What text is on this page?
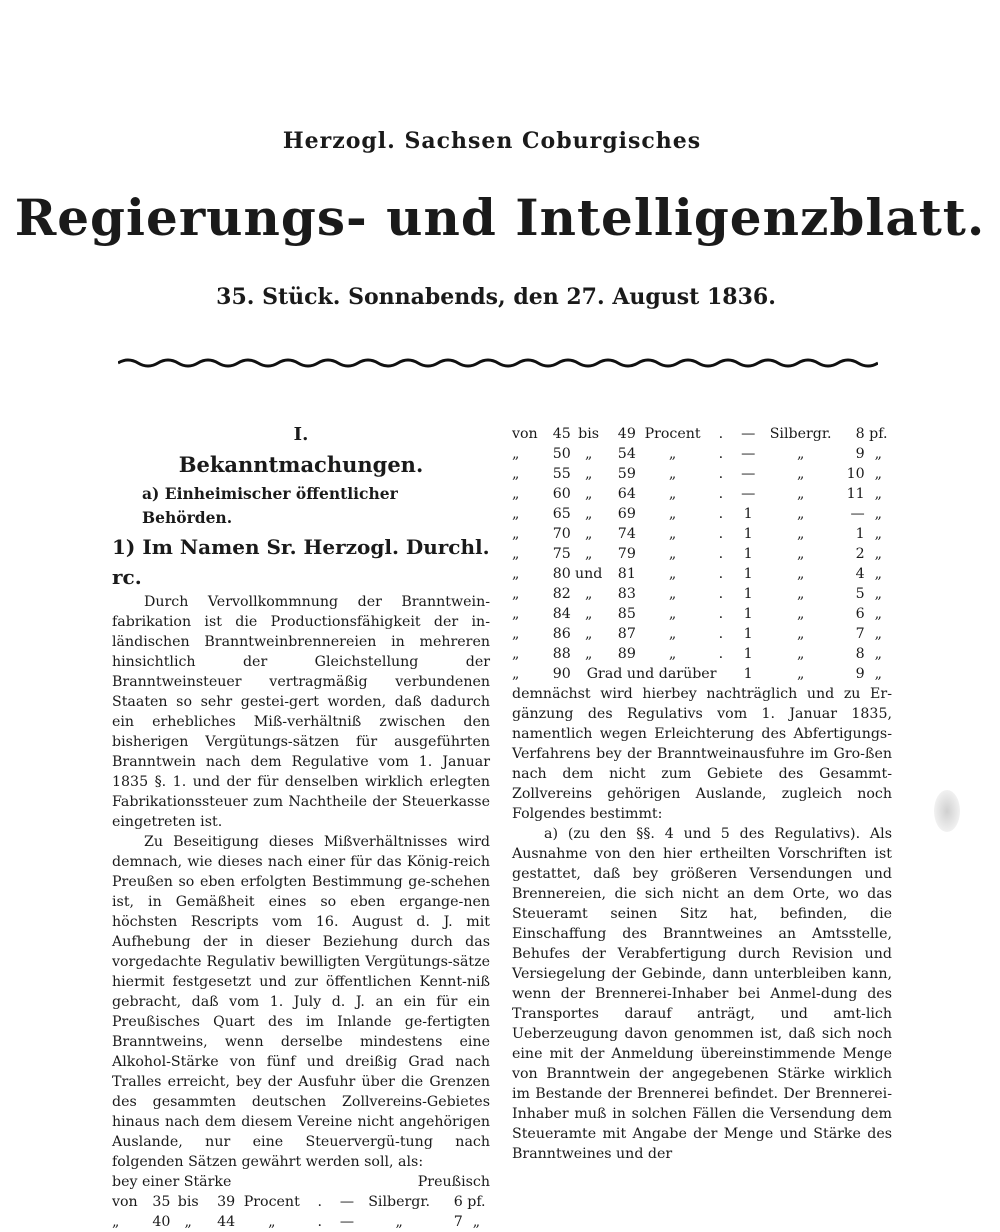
Herzogl. Sachsen Coburgisches
Regierungs- und Intelligenzblatt.
35. Stück. Sonnabends, den 27. August 1836.
I.
Bekanntmachungen.
a) Einheimischer öffentlicher Behörden.
1) Im Namen Sr. Herzogl. Durchl. rc.

Durch Vervollkommnung der Branntwein-fabrikation ist die Productionsfähigkeit der in-ländischen Branntweinbrennereien in mehreren hinsichtlich der Gleichstellung der Branntweinsteuer vertragmäßig verbundenen Staaten so sehr gestei-gert worden, daß dadurch ein erhebliches Miß-verhältniß zwischen den bisherigen Vergütungs-sätzen für ausgeführten Branntwein nach dem Regulative vom 1. Januar 1835 §. 1. und der für denselben wirklich erlegten Fabrikationssteuer zum Nachtheile der Steuerkasse eingetreten ist.

Zu Beseitigung dieses Mißverhältnisses wird demnach, wie dieses nach einer für das König-reich Preußen so eben erfolgten Bestimmung ge-schehen ist, in Gemäßheit eines so eben ergange-nen höchsten Rescripts vom 16. August d. J. mit Aufhebung der in dieser Beziehung durch das vorgedachte Regulativ bewilligten Vergütungs-sätze hiermit festgesetzt und zur öffentlichen Kennt-niß gebracht, daß vom 1. July d. J. an ein für ein Preußisches Quart des im Inlande ge-fertigten Branntweins, wenn derselbe mindestens eine Alkohol-Stärke von fünf und dreißig Grad nach Tralles erreicht, bey der Ausfuhr über die Grenzen des gesammten deutschen Zollvereins-Gebietes hinaus nach dem diesem Vereine nicht angehörigen Auslande, nur eine Steuervergü-tung nach folgenden Sätzen gewährt werden soll, als:

bey einer Stärke	Preußisch
von	35	bis	39	Procent	.	—	Silbergr.	6	pf.
„	40	„	44	„	.	—	„	7	„
von	45	bis	49	Procent	.	—	Silbergr.	8	pf.
„	50	„	54	„	.	—	„	9	„
„	55	„	59	„	.	—	„	10	„
„	60	„	64	„	.	—	„	11	„
„	65	„	69	„	.	1	„	—	„
„	70	„	74	„	.	1	„	1	„
„	75	„	79	„	.	1	„	2	„
„	80	und	81	„	.	1	„	4	„
„	82	„	83	„	.	1	„	5	„
„	84	„	85	„	.	1	„	6	„
„	86	„	87	„	.	1	„	7	„
„	88	„	89	„	.	1	„	8	„
„	90	Grad und darüber				1	„	9	„

demnächst wird hierbey nachträglich und zu Er-gänzung des Regulativs vom 1. Januar 1835, namentlich wegen Erleichterung des Abfertigungs-Verfahrens bey der Branntweinausfuhre im Gro-ßen nach dem nicht zum Gebiete des Gesammt-Zollvereins gehörigen Auslande, zugleich noch Folgendes bestimmt:

a) (zu den §§. 4 und 5 des Regulativs). Als Ausnahme von den hier ertheilten Vorschriften ist gestattet, daß bey größeren Versendungen und Brennereien, die sich nicht an dem Orte, wo das Steueramt seinen Sitz hat, befinden, die Einschaffung des Branntweines an Amtsstelle, Behufes der Verabfertigung durch Revision und Versiegelung der Gebinde, dann unterbleiben kann, wenn der Brennerei-Inhaber bei Anmel-dung des Transportes darauf anträgt, und amt-lich Ueberzeugung davon genommen ist, daß sich noch eine mit der Anmeldung übereinstimmende Menge von Branntwein der angegebenen Stärke wirklich im Bestande der Brennerei befindet. Der Brennerei-Inhaber muß in solchen Fällen die Versendung dem Steueramte mit Angabe der Menge und Stärke des Branntweines und der
